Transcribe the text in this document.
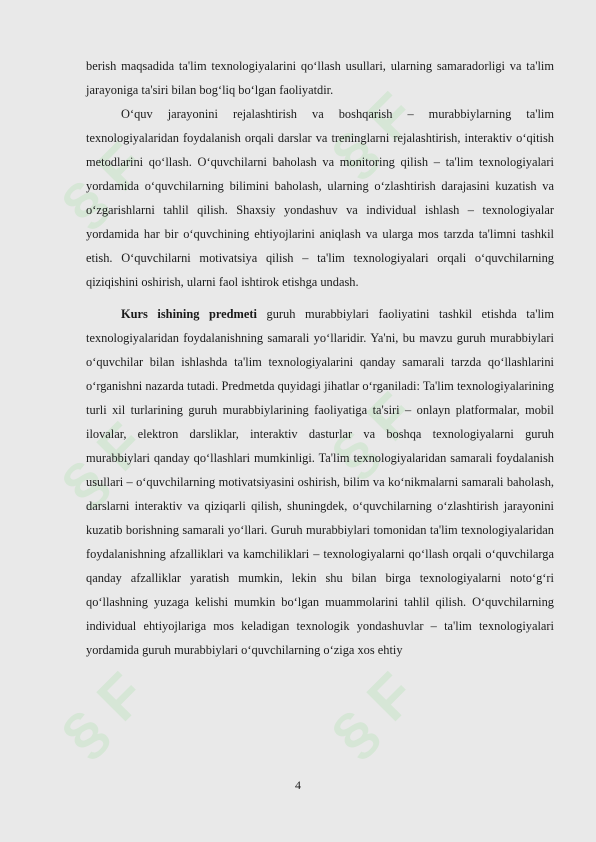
§ F	§ F
§ F	§ F
§ F	§ F

berish maqsadida ta'lim texnologiyalarini qo‘llash usullari, ularning samaradorligi va ta'lim jarayoniga ta'siri bilan bog‘liq bo‘lgan faoliyatdir.

O‘quv jarayonini rejalashtirish va boshqarish – murabbiylarning ta'lim texnologiyalaridan foydalanish orqali darslar va treninglarni rejalashtirish, interaktiv o‘qitish metodlarini qo‘llash. O‘quvchilarni baholash va monitoring qilish – ta'lim texnologiyalari yordamida o‘quvchilarning bilimini baholash, ularning o‘zlashtirish darajasini kuzatish va o‘zgarishlarni tahlil qilish. Shaxsiy yondashuv va individual ishlash – texnologiyalar yordamida har bir o‘quvchining ehtiyojlarini aniqlash va ularga mos tarzda ta'limni tashkil etish. O‘quvchilarni motivatsiya qilish – ta'lim texnologiyalari orqali o‘quvchilarning qiziqishini oshirish, ularni faol ishtirok etishga undash.

Kurs ishining predmeti guruh murabbiylari faoliyatini tashkil etishda ta'lim texnologiyalaridan foydalanishning samarali yo‘llaridir. Ya'ni, bu mavzu guruh murabbiylari o‘quvchilar bilan ishlashda ta'lim texnologiyalarini qanday samarali tarzda qo‘llashlarini o‘rganishni nazarda tutadi. Predmetda quyidagi jihatlar o‘rganiladi: Ta'lim texnologiyalarining turli xil turlarining guruh murabbiylarining faoliyatiga ta'siri – onlayn platformalar, mobil ilovalar, elektron darsliklar, interaktiv dasturlar va boshqa texnologiyalarni guruh murabbiylari qanday qo‘llashlari mumkinligi. Ta'lim texnologiyalaridan samarali foydalanish usullari – o‘quvchilarning motivatsiyasini oshirish, bilim va ko‘nikmalarni samarali baholash, darslarni interaktiv va qiziqarli qilish, shuningdek, o‘quvchilarning o‘zlashtirish jarayonini kuzatib borishning samarali yo‘llari. Guruh murabbiylari tomonidan ta'lim texnologiyalaridan foydalanishning afzalliklari va kamchiliklari – texnologiyalarni qo‘llash orqali o‘quvchilarga qanday afzalliklar yaratish mumkin, lekin shu bilan birga texnologiyalarni noto‘g‘ri qo‘llashning yuzaga kelishi mumkin bo‘lgan muammolarini tahlil qilish. O‘quvchilarning individual ehtiyojlariga mos keladigan texnologik yondashuvlar – ta'lim texnologiyalari yordamida guruh murabbiylari o‘quvchilarning o‘ziga xos ehtiy

4
